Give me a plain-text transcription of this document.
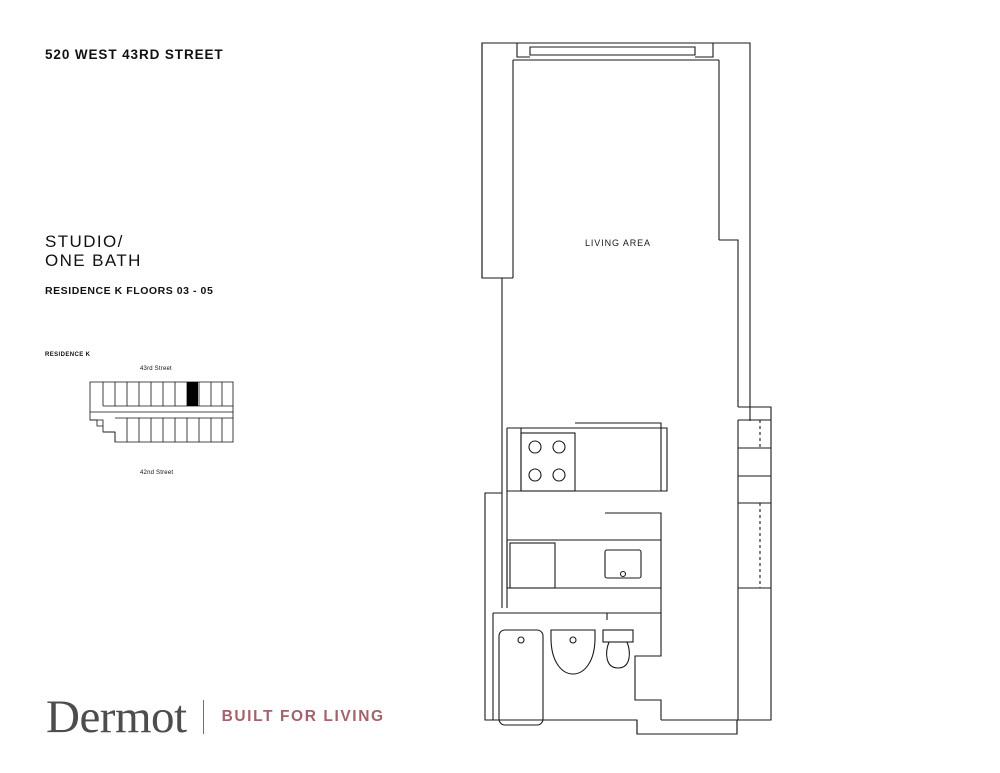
520 WEST 43RD STREET
STUDIO/
ONE BATH
RESIDENCE K FLOORS 03 - 05
RESIDENCE K
43rd Street
42nd Street
LIVING AREA
Dermot BUILT FOR LIVING
